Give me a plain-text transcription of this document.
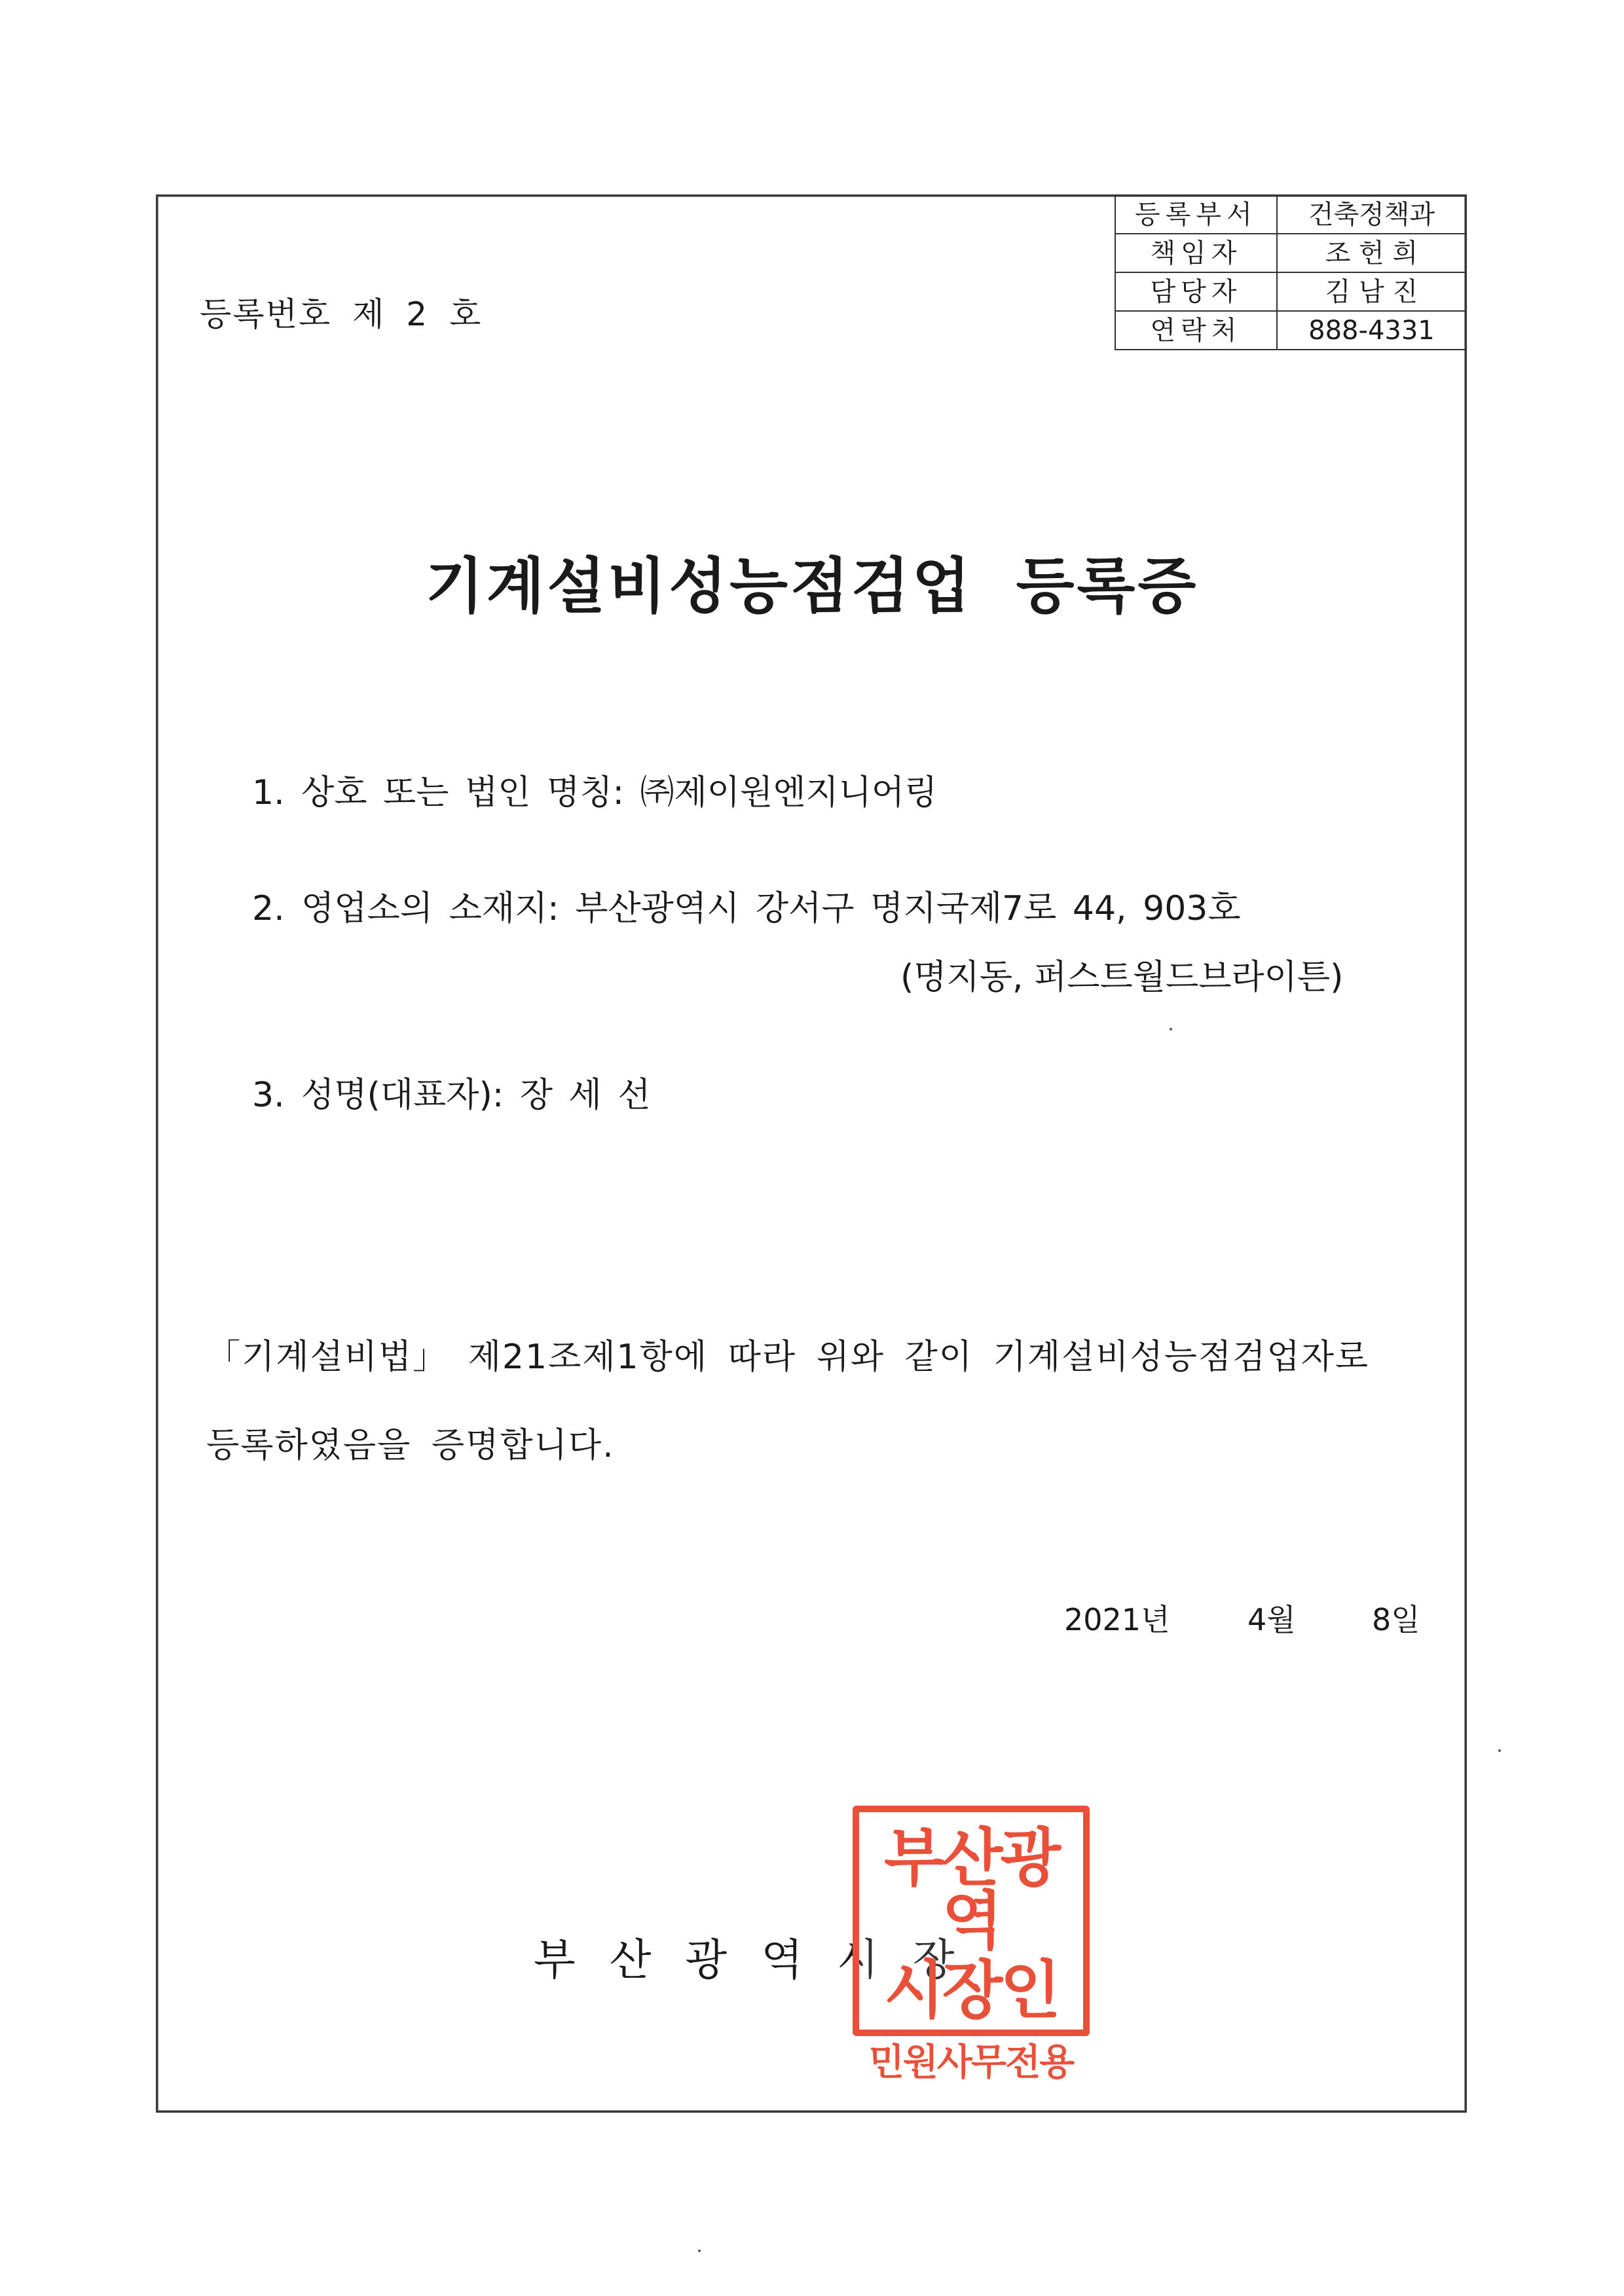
등록번호 제 2 호
등록부서	건축정책과
책임자	조 헌 희
담당자	김 남 진
연락처	888-4331
기계설비성능점검업 등록증
1. 상호 또는 법인 명칭: ㈜제이원엔지니어링
2. 영업소의 소재지: 부산광역시 강서구 명지국제7로 44, 903호
(명지동, 퍼스트월드브라이튼)
3. 성명(대표자): 장 세 선
「기계설비법」 제21조제1항에 따라 위와 같이 기계설비성능점검업자로
등록하였음을 증명합니다.
2021년	4월	8일
부산광역시장
부산광역
시장인
민원사무전용
